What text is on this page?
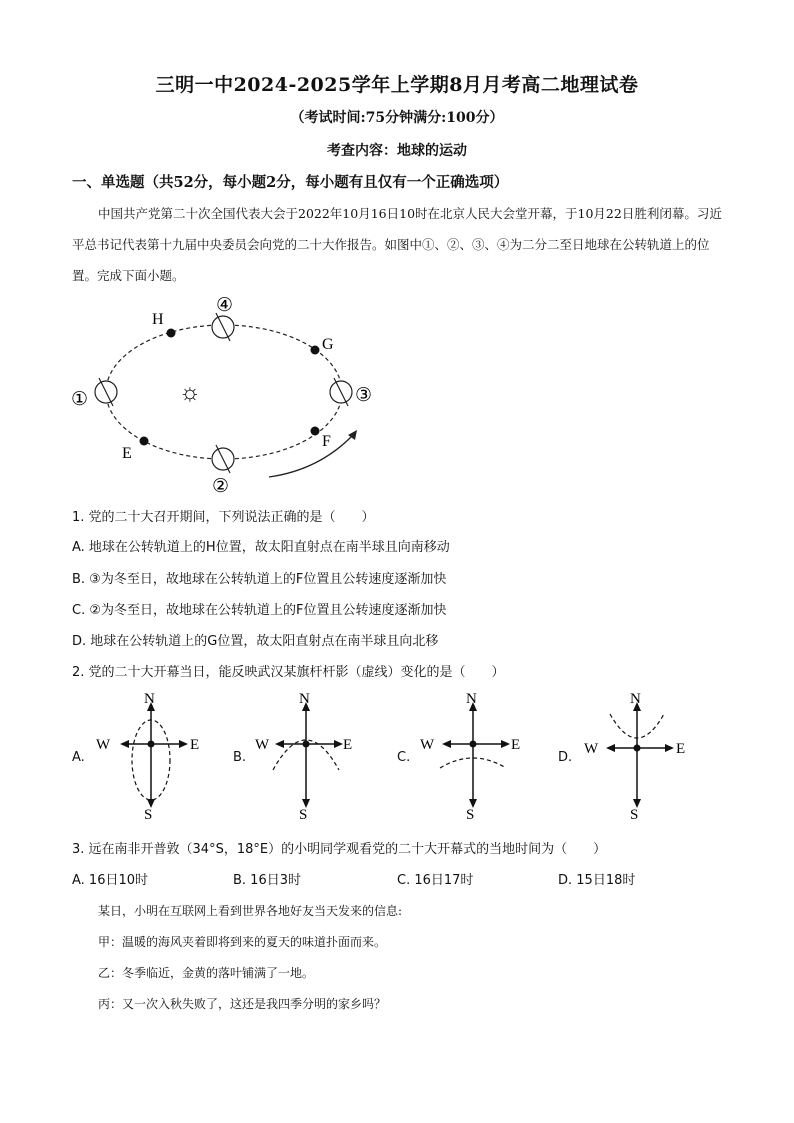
三明一中2024-2025学年上学期8月月考高二地理试卷
（考试时间:75分钟满分:100分）
考查内容：地球的运动
一、单选题（共52分，每小题2分，每小题有且仅有一个正确选项）
中国共产党第二十次全国代表大会于2022年10月16日10时在北京人民大会堂开幕，于10月22日胜利闭幕。习近平总书记代表第十九届中央委员会向党的二十大作报告。如图中①、②、③、④为二分二至日地球在公转轨道上的位置。完成下面小题。
☼
H
G
E
F
①
②
③
④
1. 党的二十大召开期间，下列说法正确的是（　　）
A. 地球在公转轨道上的H位置，故太阳直射点在南半球且向南移动
B. ③为冬至日，故地球在公转轨道上的F位置且公转速度逐渐加快
C. ②为冬至日，故地球在公转轨道上的F位置且公转速度逐渐加快
D. 地球在公转轨道上的G位置，故太阳直射点在南半球且向北移
2. 党的二十大开幕当日，能反映武汉某旗杆杆影（虚线）变化的是（　　）
A.
N
S
W	E
B.
N
S
W	E
C.
N
S
W	E
D.
N
S
W	E
3. 远在南非开普敦（34°S，18°E）的小明同学观看党的二十大开幕式的当地时间为（　　）
A. 16日10时	B. 16日3时	C. 16日17时	D. 15日18时
某日，小明在互联网上看到世界各地好友当天发来的信息:
甲：温暖的海风夹着即将到来的夏天的味道扑面而来。
乙：冬季临近，金黄的落叶铺满了一地。
丙：又一次入秋失败了，这还是我四季分明的家乡吗？
